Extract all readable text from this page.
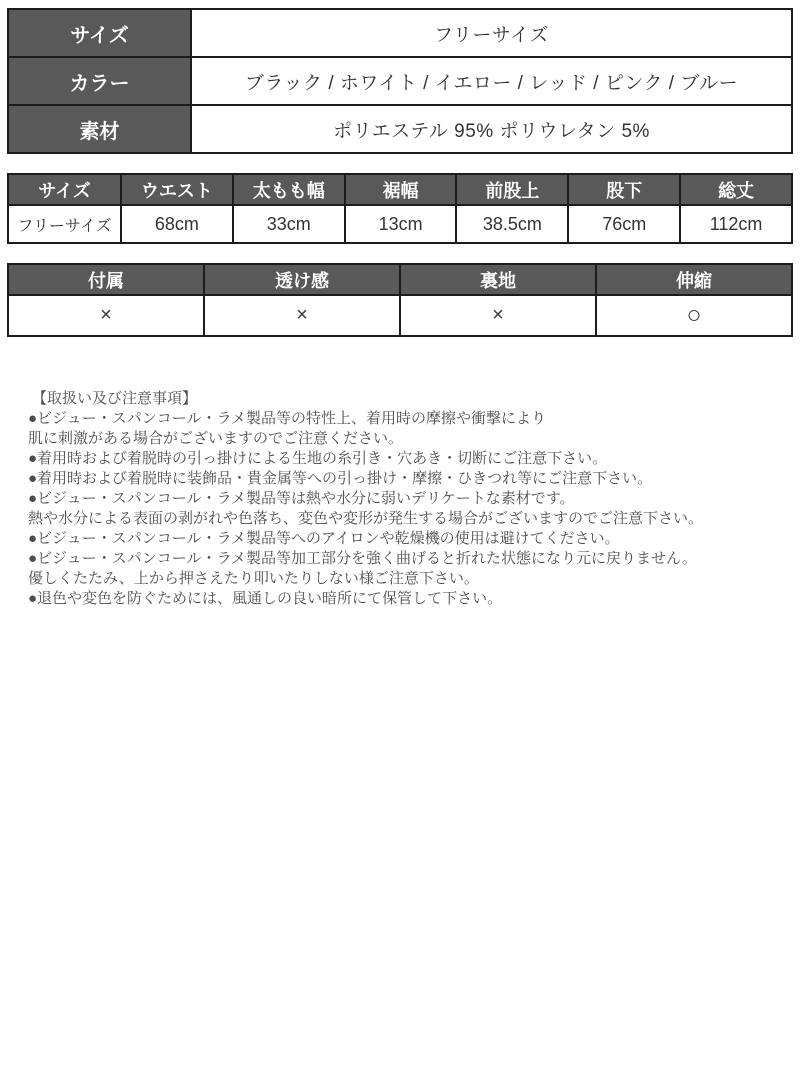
サイズ	フリーサイズ
カラー	ブラック / ホワイト / イエロー / レッド / ピンク / ブルー
素材	ポリエステル 95% ポリウレタン 5%
サイズ	ウエスト	太もも幅	裾幅	前股上	股下	総丈
フリーサイズ	68cm	33cm	13cm	38.5cm	76cm	112cm
付属	透け感	裏地	伸縮
×	×	×	○
【取扱い及び注意事項】
●ビジュー・スパンコール・ラメ製品等の特性上、着用時の摩擦や衝撃により
肌に刺激がある場合がございますのでご注意ください。
●着用時および着脱時の引っ掛けによる生地の糸引き・穴あき・切断にご注意下さい。
●着用時および着脱時に装飾品・貴金属等への引っ掛け・摩擦・ひきつれ等にご注意下さい。
●ビジュー・スパンコール・ラメ製品等は熱や水分に弱いデリケートな素材です。
熱や水分による表面の剥がれや色落ち、変色や変形が発生する場合がございますのでご注意下さい。
●ビジュー・スパンコール・ラメ製品等へのアイロンや乾燥機の使用は避けてください。
●ビジュー・スパンコール・ラメ製品等加工部分を強く曲げると折れた状態になり元に戻りません。
優しくたたみ、上から押さえたり叩いたりしない様ご注意下さい。
●退色や変色を防ぐためには、風通しの良い暗所にて保管して下さい。
